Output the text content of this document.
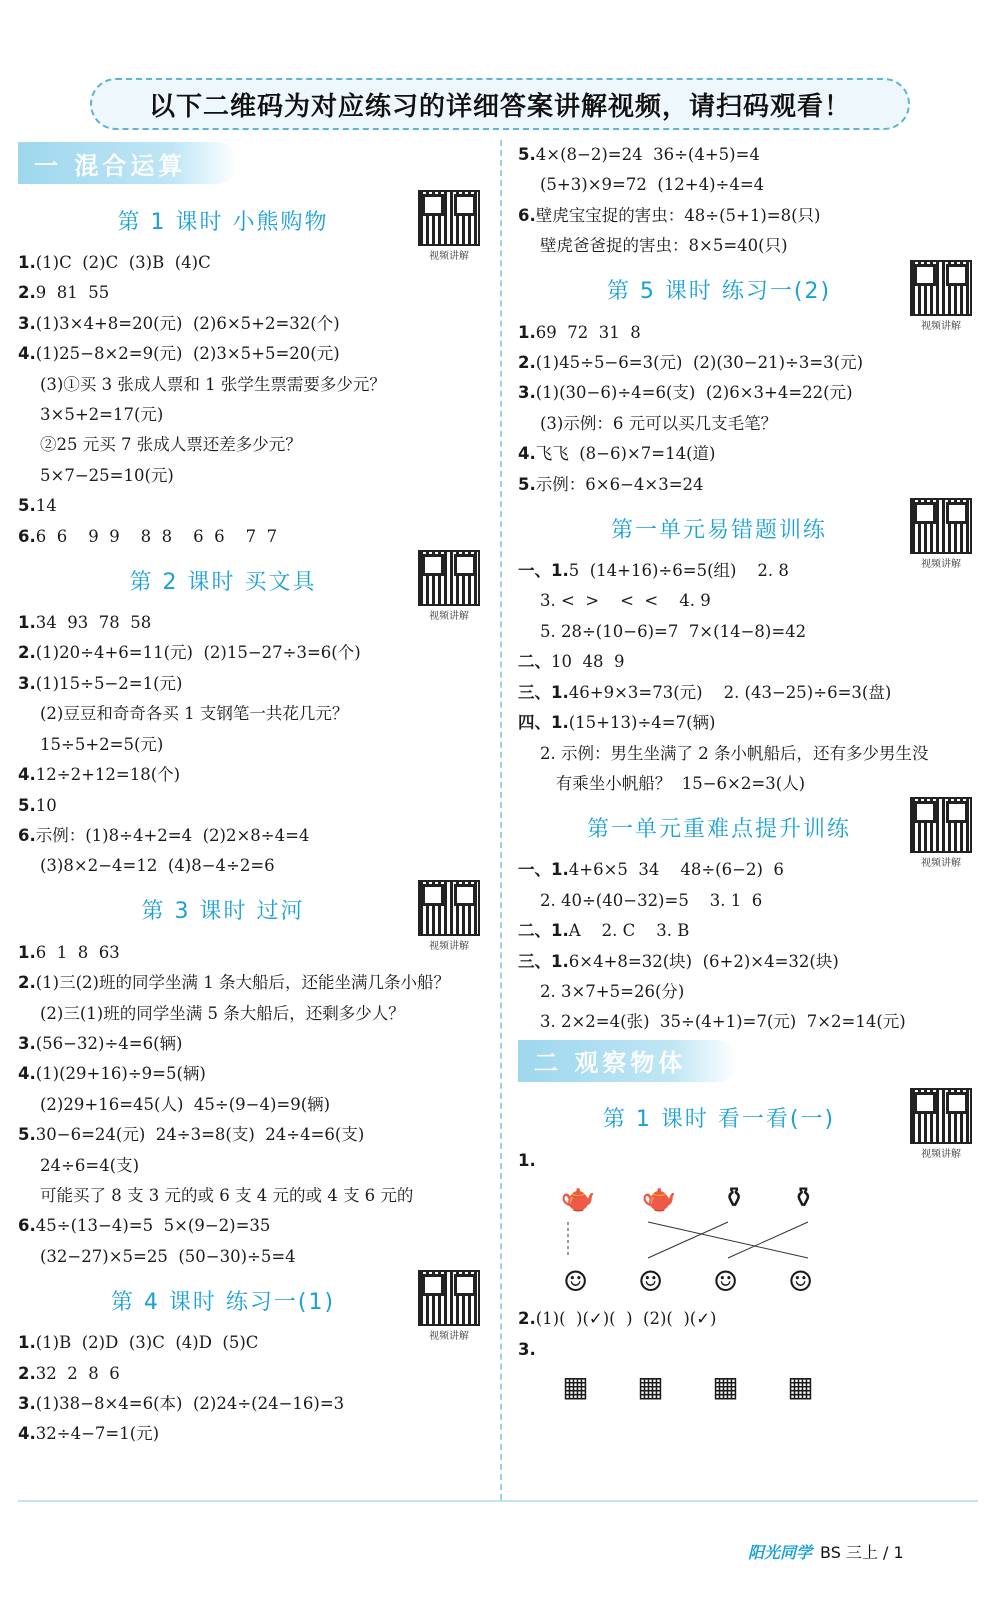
以下二维码为对应练习的详细答案讲解视频，请扫码观看！
一 混合运算
第 1 课时 小熊购物
视频讲解
1.(1)C  (2)C  (3)B  (4)C
2.9  81  55
3.(1)3×4+8=20(元)  (2)6×5+2=32(个)
4.(1)25−8×2=9(元)  (2)3×5+5=20(元)
(3)①买 3 张成人票和 1 张学生票需要多少元？
3×5+2=17(元)
②25 元买 7 张成人票还差多少元？
5×7−25=10(元)
5.14
6.6  6    9  9    8  8    6  6    7  7
第 2 课时 买文具
视频讲解
1.34  93  78  58
2.(1)20÷4+6=11(元)  (2)15−27÷3=6(个)
3.(1)15÷5−2=1(元)
(2)豆豆和奇奇各买 1 支钢笔一共花几元？
15÷5+2=5(元)
4.12÷2+12=18(个)
5.10
6.示例：(1)8÷4+2=4  (2)2×8÷4=4
(3)8×2−4=12  (4)8−4÷2=6
第 3 课时 过河
视频讲解
1.6  1  8  63
2.(1)三(2)班的同学坐满 1 条大船后，还能坐满几条小船？
(2)三(1)班的同学坐满 5 条大船后，还剩多少人？
3.(56−32)÷4=6(辆)
4.(1)(29+16)÷9=5(辆)
(2)29+16=45(人)  45÷(9−4)=9(辆)
5.30−6=24(元)  24÷3=8(支)  24÷4=6(支)
24÷6=4(支)
可能买了 8 支 3 元的或 6 支 4 元的或 4 支 6 元的
6.45÷(13−4)=5  5×(9−2)=35
(32−27)×5=25  (50−30)÷5=4
第 4 课时 练习一(1)
视频讲解
1.(1)B  (2)D  (3)C  (4)D  (5)C
2.32  2  8  6
3.(1)38−8×4=6(本)  (2)24÷(24−16)=3
4.32÷4−7=1(元)
5.4×(8−2)=24  36÷(4+5)=4
(5+3)×9=72  (12+4)÷4=4
6.壁虎宝宝捉的害虫：48÷(5+1)=8(只)
壁虎爸爸捉的害虫：8×5=40(只)
第 5 课时 练习一(2)
视频讲解
1.69  72  31  8
2.(1)45÷5−6=3(元)  (2)(30−21)÷3=3(元)
3.(1)(30−6)÷4=6(支)  (2)6×3+4=22(元)
(3)示例：6 元可以买几支毛笔？
4.飞飞  (8−6)×7=14(道)
5.示例：6×6−4×3=24
第一单元易错题训练
视频讲解
一、1.5  (14+16)÷6=5(组)    2. 8
3. <  >    <  <    4. 9
5. 28÷(10−6)=7  7×(14−8)=42
二、10  48  9
三、1.46+9×3=73(元)    2. (43−25)÷6=3(盘)
四、1.(15+13)÷4=7(辆)
2. 示例：男生坐满了 2 条小帆船后，还有多少男生没
有乘坐小帆船？  15−6×2=3(人)
第一单元重难点提升训练
视频讲解
一、1.4+6×5  34    48÷(6−2)  6
2. 40÷(40−32)=5    3. 1  6
二、1.A    2. C    3. B
三、1.6×4+8=32(块)  (6+2)×4=32(块)
2. 3×7+5=26(分)
3. 2×2=4(张)  35÷(4+1)=7(元)  7×2=14(元)
二 观察物体
第 1 课时 看一看(一)
视频讲解
1.
🫖 🫖 ⚱ ⚱
☺ ☺ ☺ ☺
2.(1)(  )(✓)(  )  (2)(  )(✓)
3.
▦ ▦ ▦ ▦
阳光同学 BS 三上 / 1
